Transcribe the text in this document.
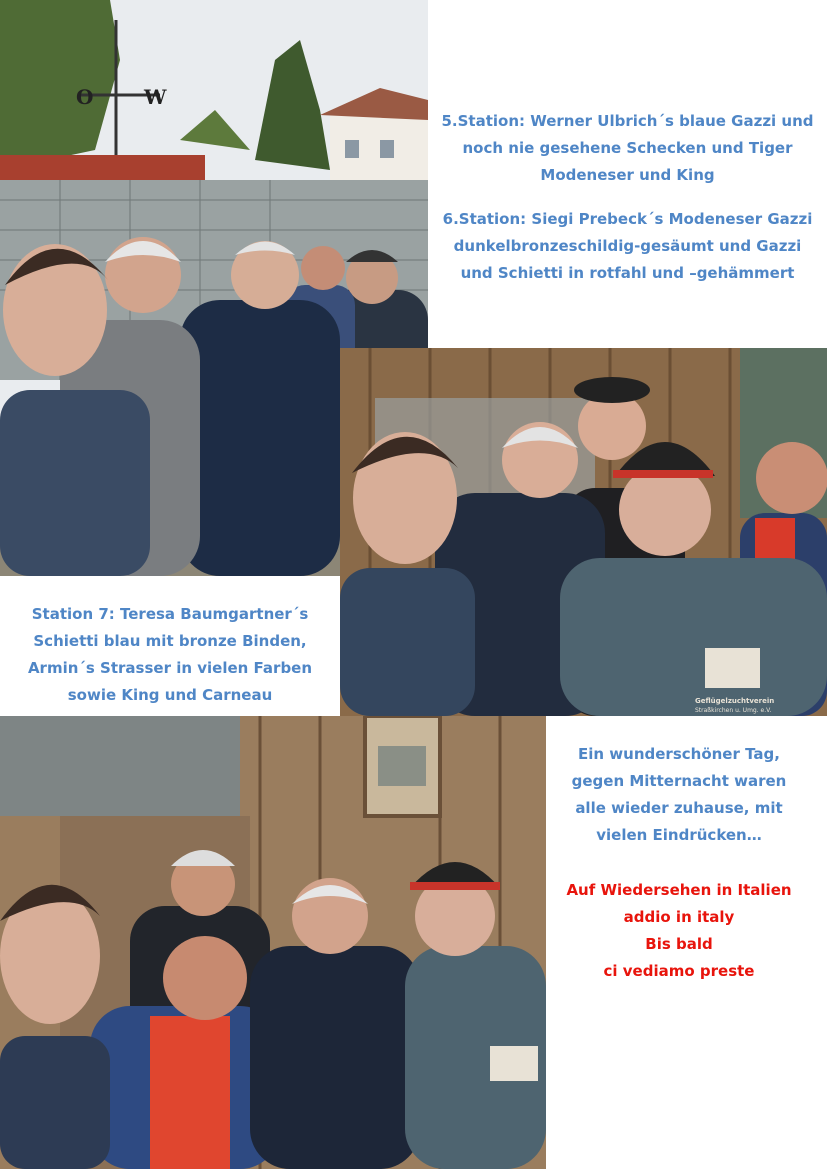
O	W

5.Station: Werner Ulbrich´s blaue Gazzi und

noch nie gesehene Schecken und Tiger

Modeneser und King

6.Station: Siegi Prebeck´s Modeneser Gazzi

dunkelbronzeschildig-gesäumt und Gazzi

und Schietti in rotfahl und –gehämmert

Geflügelzuchtverein
Straßkirchen u. Umg. e.V.

Station 7: Teresa Baumgartner´s

Schietti blau mit bronze Binden,

Armin´s Strasser in vielen Farben

sowie King und Carneau

Ein wunderschöner Tag,

gegen Mitternacht waren

alle wieder zuhause, mit

vielen Eindrücken…

Auf Wiedersehen in Italien

addio in italy

Bis bald

ci vediamo preste
